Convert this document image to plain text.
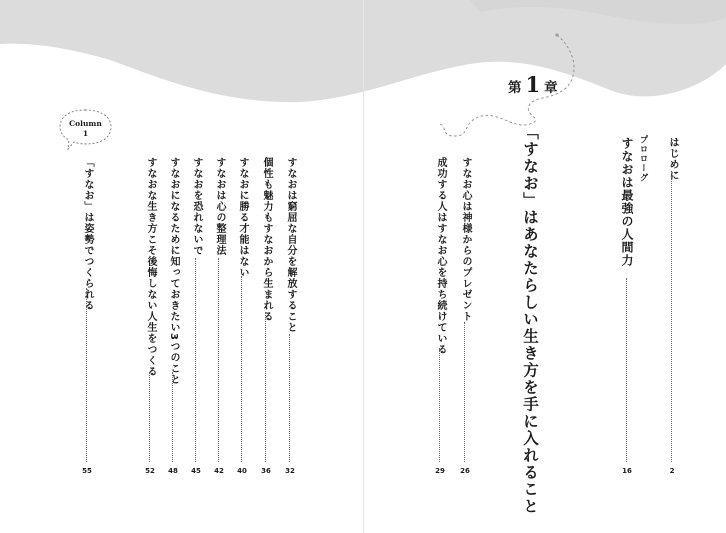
はじめに
2
プロローグ
すなおは最強の人間力
16
第 1 章
「すなお」はあなたらしい生き方を手に入れること
すなお心は神様からのプレゼント
26
成功する人はすなお心を持ち続けている
29
すなおは窮屈な自分を解放すること
32
個性も魅力もすなおから生まれる
36
すなおに勝る才能はない
40
すなおは心の整理法
42
すなおを恐れないで
45
すなおになるために知っておきたい3つのこと
48
すなおな生き方こそ後悔しない人生をつくる
52
Column
1
「すなお」は姿勢でつくられる
55
